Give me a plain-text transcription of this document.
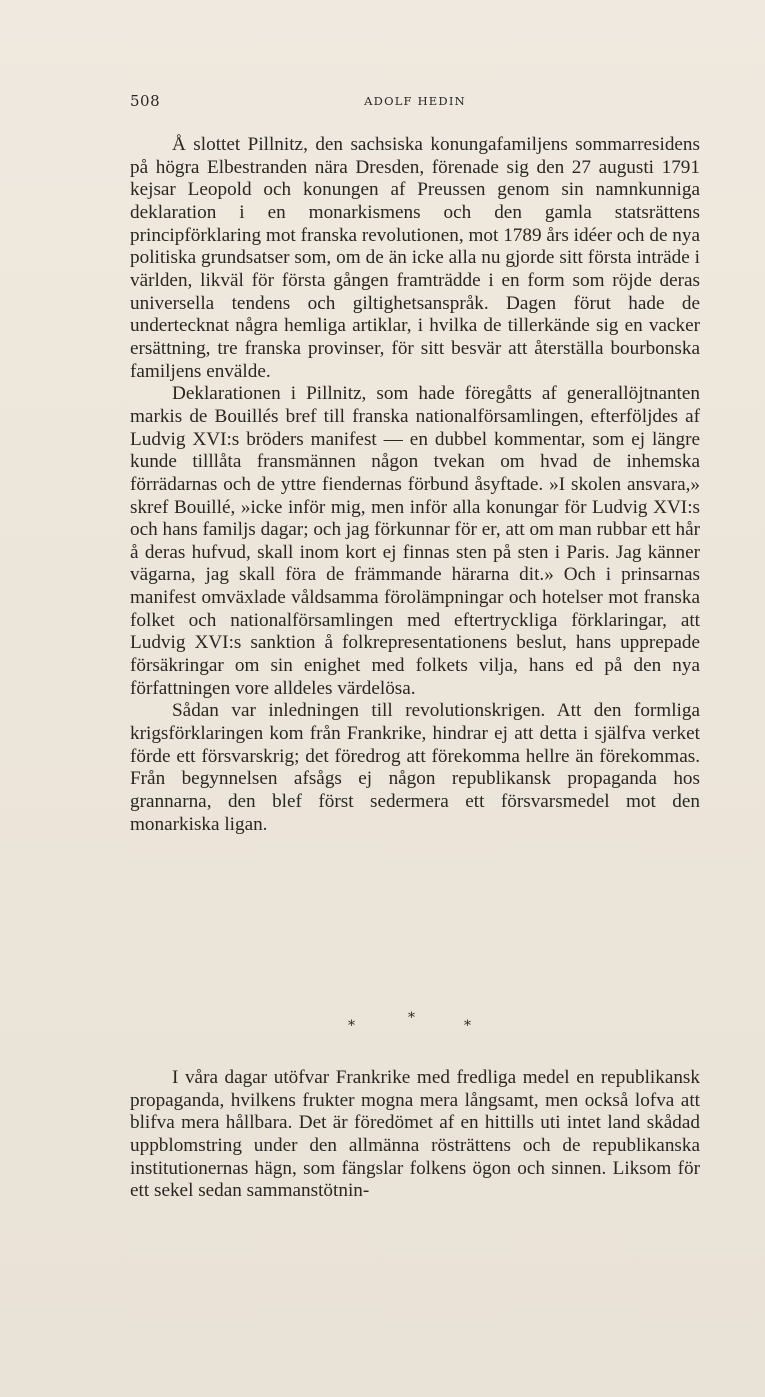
508	ADOLF HEDIN

Å slottet Pillnitz, den sachsiska konungafamiljens sommarresidens på högra Elbestranden nära Dresden, förenade sig den 27 augusti 1791 kejsar Leopold och konungen af Preussen genom sin namnkunniga deklaration i en monarkismens och den gamla statsrättens principförklaring mot franska revolutionen, mot 1789 års idéer och de nya politiska grundsatser som, om de än icke alla nu gjorde sitt första inträde i världen, likväl för första gången framträdde i en form som röjde deras universella tendens och giltighetsanspråk. Dagen förut hade de undertecknat några hemliga artiklar, i hvilka de tillerkände sig en vacker ersättning, tre franska provinser, för sitt besvär att återställa bourbonska familjens envälde.

Deklarationen i Pillnitz, som hade föregåtts af generallöjtnanten markis de Bouillés bref till franska nationalförsamlingen, efterföljdes af Ludvig XVI:s bröders manifest — en dubbel kommentar, som ej längre kunde tilllåta fransmännen någon tvekan om hvad de inhemska förrädarnas och de yttre fiendernas förbund åsyftade. »I skolen ansvara,» skref Bouillé, »icke inför mig, men inför alla konungar för Ludvig XVI:s och hans familjs dagar; och jag förkunnar för er, att om man rubbar ett hår å deras hufvud, skall inom kort ej finnas sten på sten i Paris. Jag känner vägarna, jag skall föra de främmande härarna dit.» Och i prinsarnas manifest omväxlade våldsamma förolämpningar och hotelser mot franska folket och nationalförsamlingen med eftertryckliga förklaringar, att Ludvig XVI:s sanktion å folkrepresentationens beslut, hans upprepade försäkringar om sin enighet med folkets vilja, hans ed på den nya författningen vore alldeles värdelösa.

Sådan var inledningen till revolutionskrigen. Att den formliga krigsförklaringen kom från Frankrike, hindrar ej att detta i själfva verket förde ett försvarskrig; det föredrog att förekomma hellre än förekommas. Från begynnelsen afsågs ej någon republikansk propaganda hos grannarna, den blef först sedermera ett försvarsmedel mot den monarkiska ligan.

*	*	*

I våra dagar utöfvar Frankrike med fredliga medel en republikansk propaganda, hvilkens frukter mogna mera långsamt, men också lofva att blifva mera hållbara. Det är föredömet af en hittills uti intet land skådad uppblomstring under den allmänna rösträttens och de republikanska institutionernas hägn, som fängslar folkens ögon och sinnen. Liksom för ett sekel sedan sammanstötnin-
